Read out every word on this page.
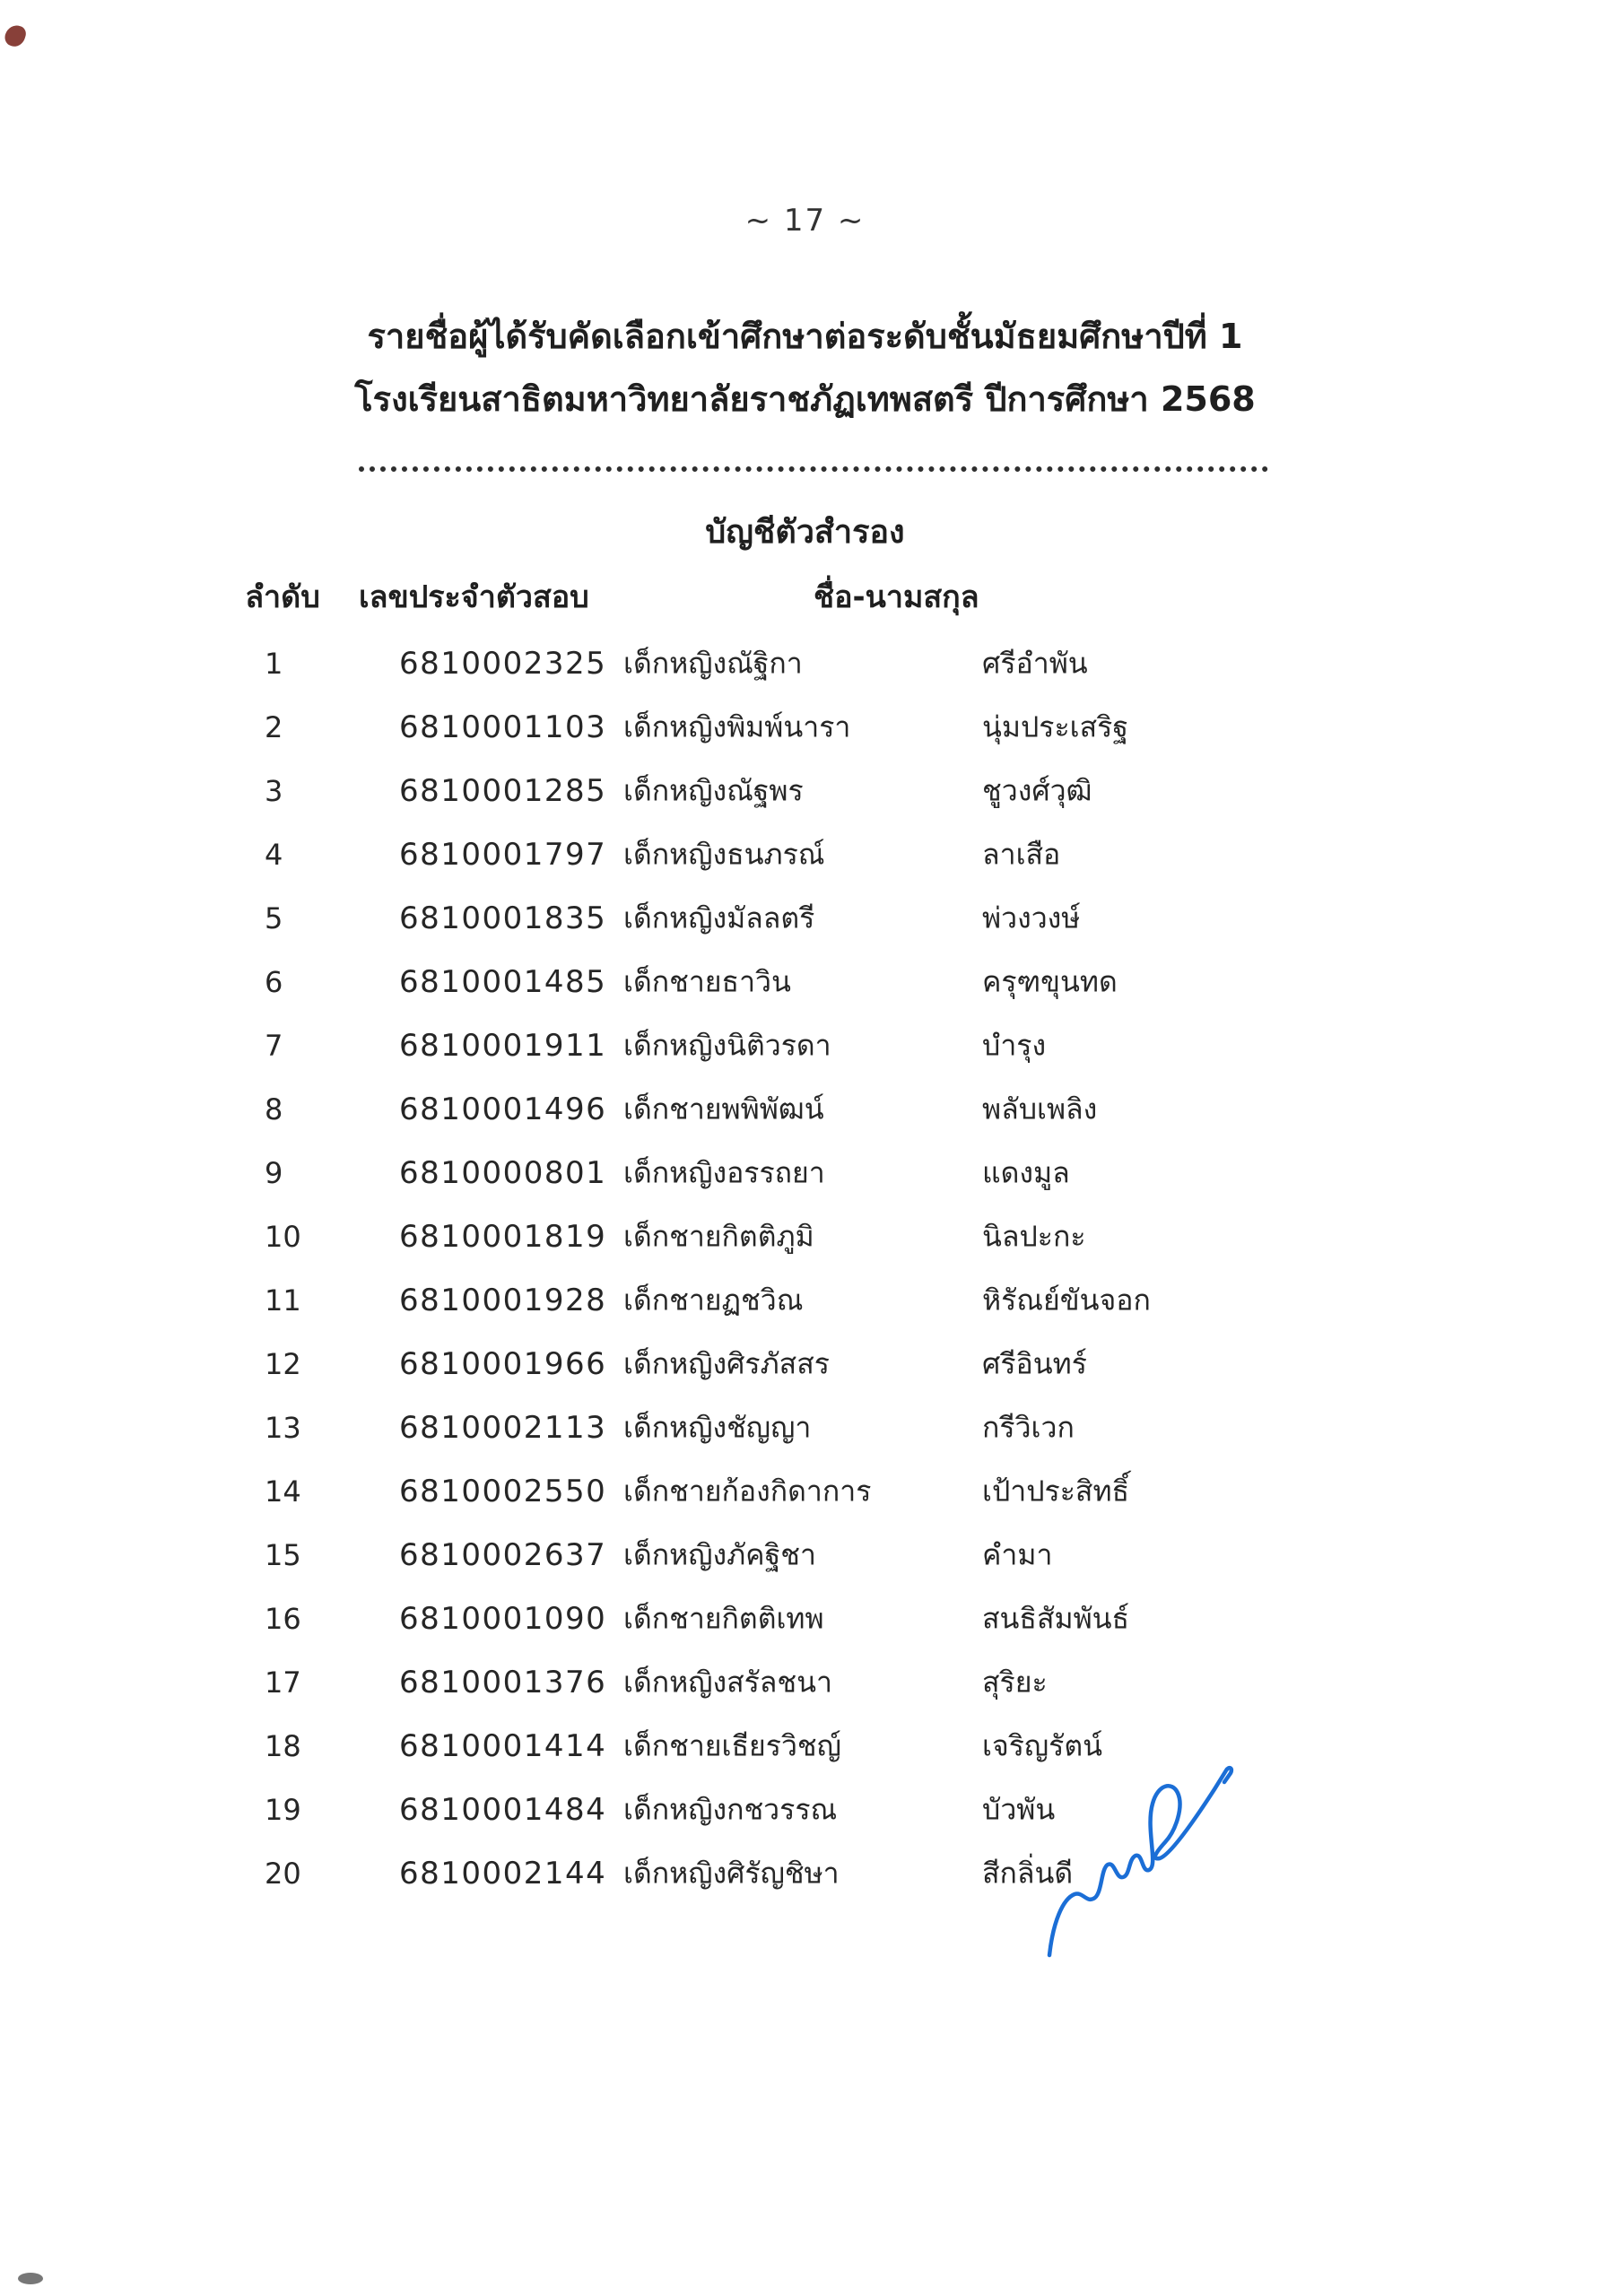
~ 17 ~
รายชื่อผู้ได้รับคัดเลือกเข้าศึกษาต่อระดับชั้นมัธยมศึกษาปีที่ 1
โรงเรียนสาธิตมหาวิทยาลัยราชภัฏเทพสตรี ปีการศึกษา 2568
บัญชีตัวสำรอง
ลำดับ	เลขประจำตัวสอบ	ชื่อ-นามสกุล
1	6810002325 เด็กหญิงณัฐิกา	ศรีอำพัน
2	6810001103 เด็กหญิงพิมพ์นารา	นุ่มประเสริฐ
3	6810001285 เด็กหญิงณัฐพร	ชูวงศ์วุฒิ
4	6810001797 เด็กหญิงธนภรณ์	ลาเสือ
5	6810001835 เด็กหญิงมัลลตรี	พ่วงวงษ์
6	6810001485 เด็กชายธาวิน	ครุฑขุนทด
7	6810001911 เด็กหญิงนิติวรดา	บำรุง
8	6810001496 เด็กชายพพิพัฒน์	พลับเพลิง
9	6810000801 เด็กหญิงอรรถยา	แดงมูล
10	6810001819 เด็กชายกิตติภูมิ	นิลปะกะ
11	6810001928 เด็กชายฏชวิณ	หิรัณย์ขันจอก
12	6810001966 เด็กหญิงศิรภัสสร	ศรีอินทร์
13	6810002113 เด็กหญิงชัญญา	กรีวิเวก
14	6810002550 เด็กชายก้องกิดาการ	เป้าประสิทธิ์
15	6810002637 เด็กหญิงภัคฐิชา	คำมา
16	6810001090 เด็กชายกิตติเทพ	สนธิสัมพันธ์
17	6810001376 เด็กหญิงสรัลชนา	สุริยะ
18	6810001414 เด็กชายเธียรวิชญ์	เจริญรัตน์
19	6810001484 เด็กหญิงกชวรรณ	บัวพัน
20	6810002144 เด็กหญิงศิรัญชิษา	สีกลิ่นดี
